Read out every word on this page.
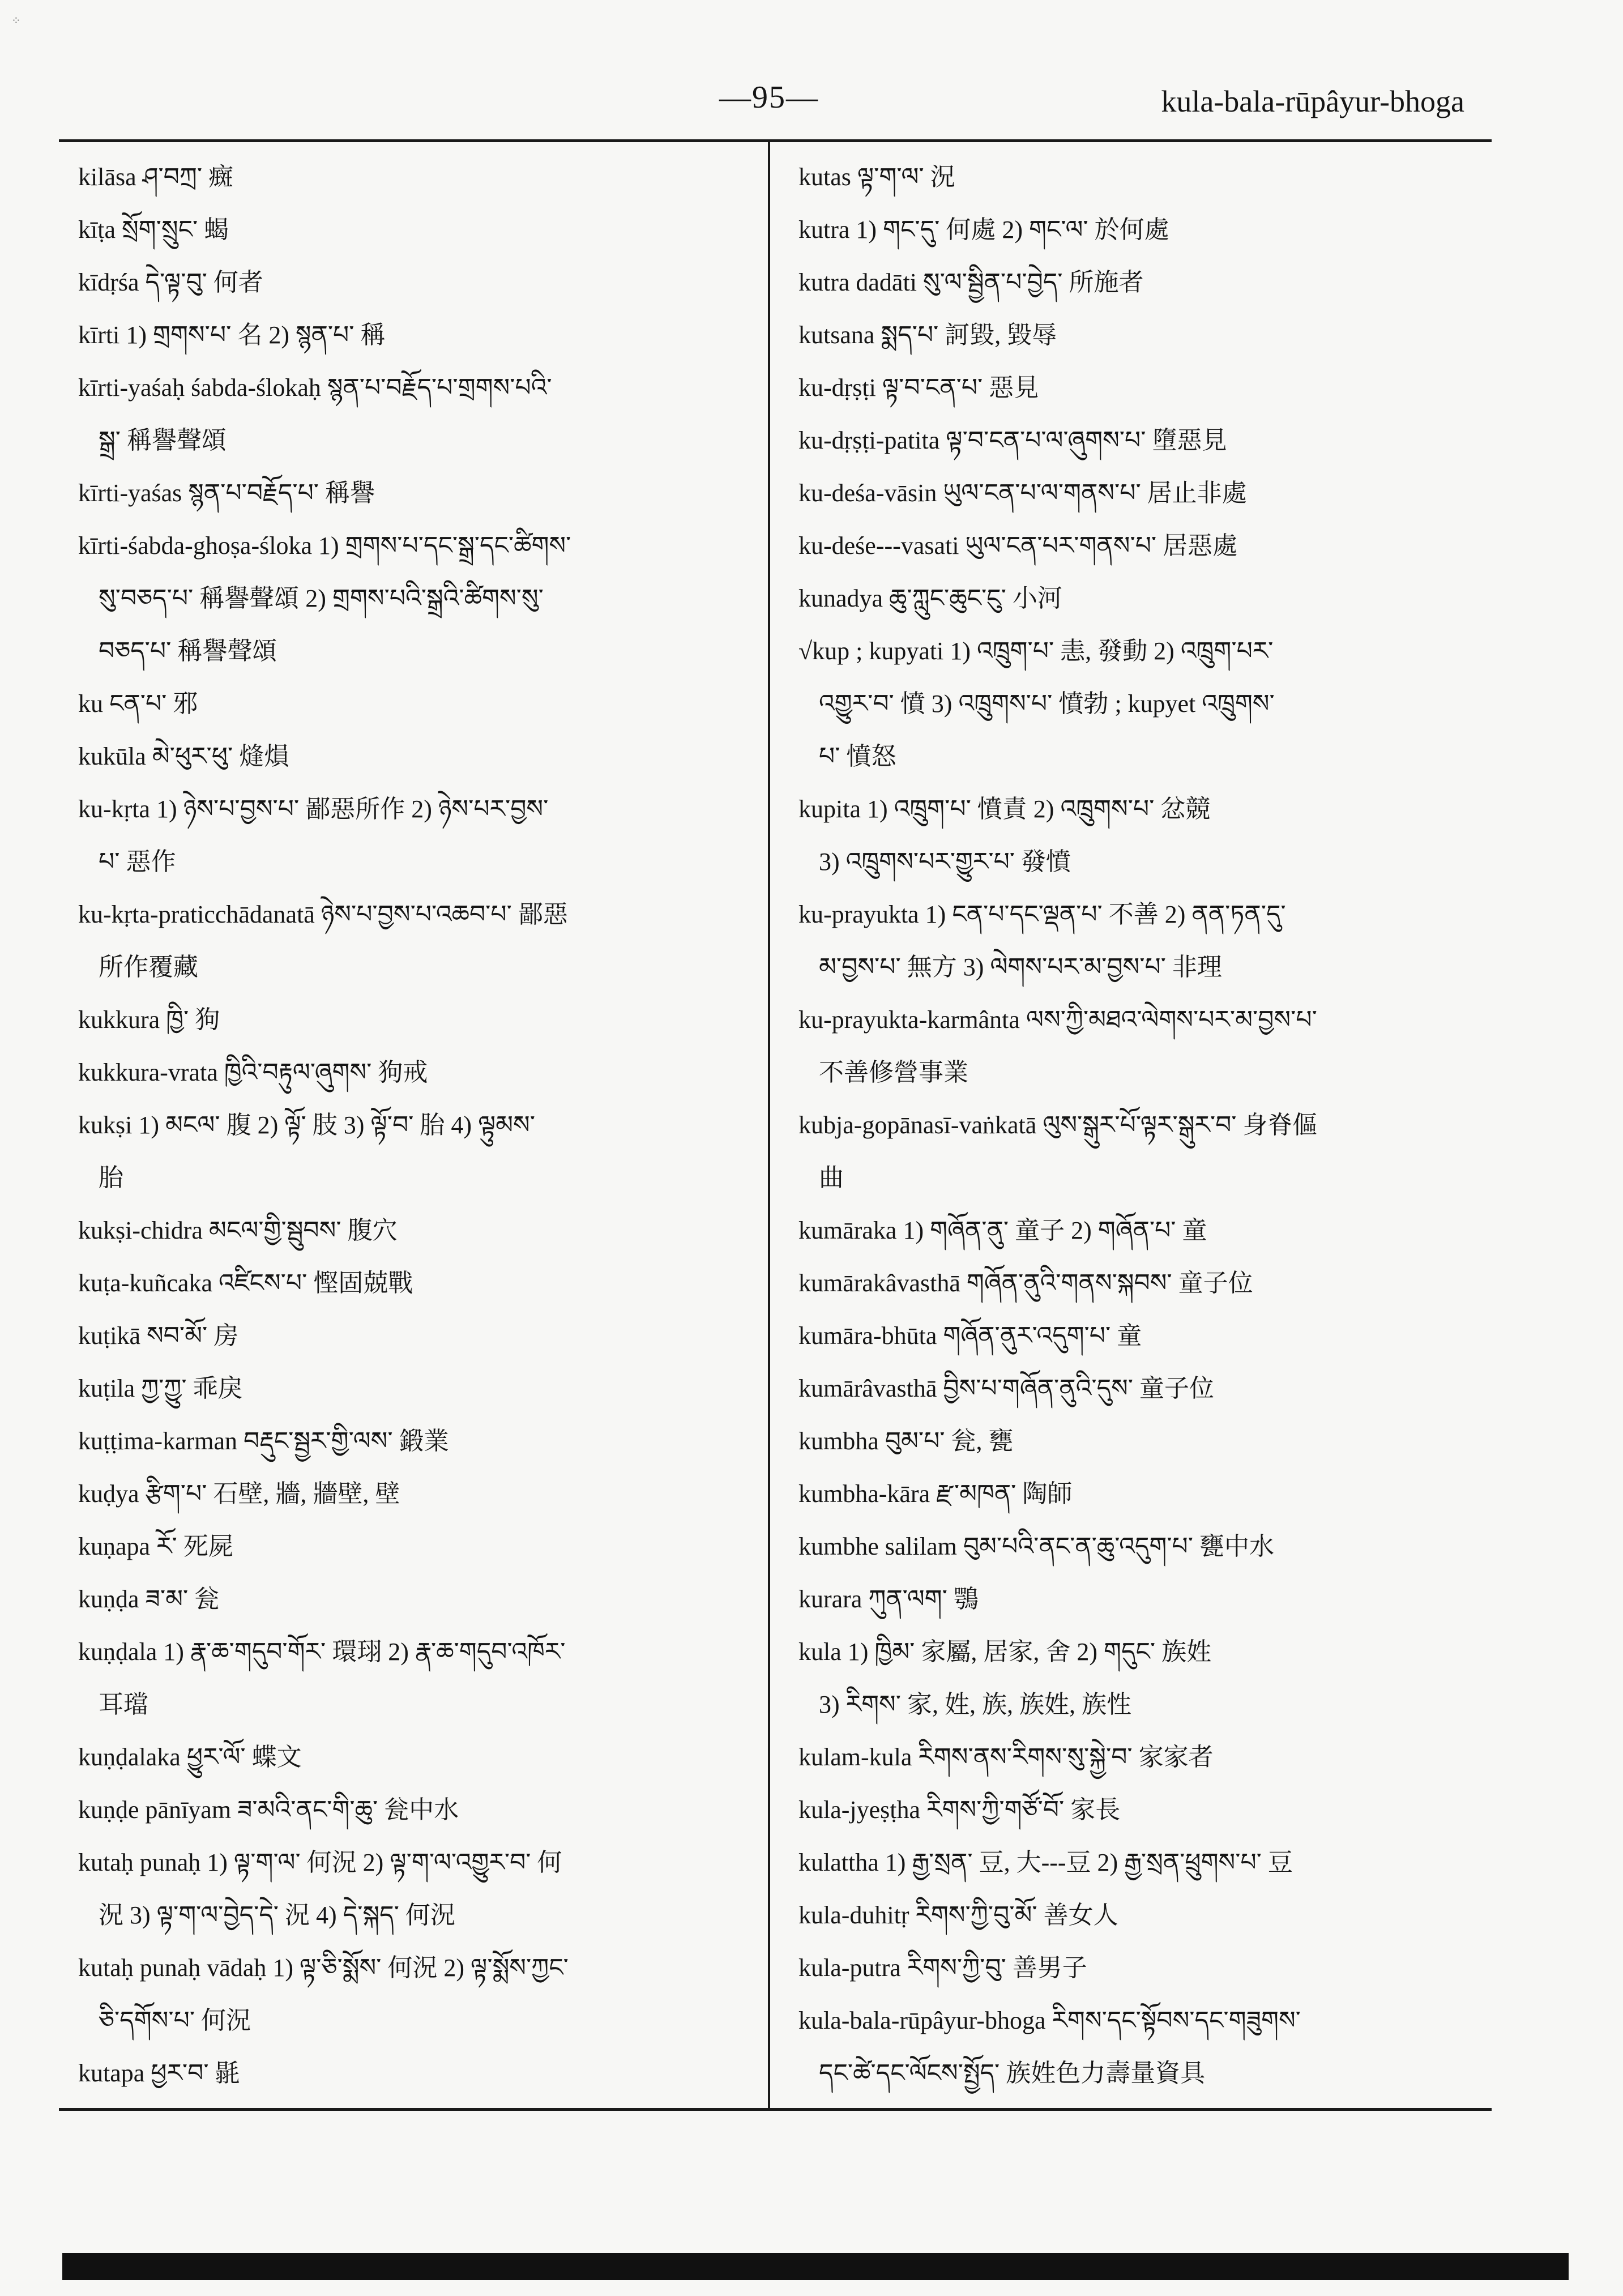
⁘
—95—	kula-bala-rūpâyur-bhoga
kilāsa ཤ་བཀྲ་ 癍
kīṭa སྲོག་སྲུང་ 蝎
kīdṛśa དེ་ལྟ་བུ་ 何者
kīrti 1) གྲགས་པ་ 名 2) སྙན་པ་ 稱
kīrti-yaśaḥ śabda-ślokaḥ སྙན་པ་བརྗོད་པ་གྲགས་པའི་
སྒྲ་ 稱譽聲頌
kīrti-yaśas སྙན་པ་བརྗོད་པ་ 稱譽
kīrti-śabda-ghoṣa-śloka 1) གྲགས་པ་དང་སྒྲ་དང་ཚིགས་
སུ་བཅད་པ་ 稱譽聲頌 2) གྲགས་པའི་སྒྲའི་ཚིགས་སུ་
བཅད་པ་ 稱譽聲頌
ku ངན་པ་ 邪
kukūla མེ་ཕུར་ཕུ་ 熢熉
ku-kṛta 1) ཉེས་པ་བྱས་པ་ 鄙惡所作 2) ཉེས་པར་བྱས་
པ་ 惡作
ku-kṛta-praticchādanatā ཉེས་པ་བྱས་པ་འཆབ་པ་ 鄙惡
所作覆藏
kukkura ཁྱི་ 狗
kukkura-vrata ཁྱིའི་བརྟུལ་ཞུགས་ 狗戒
kukṣi 1) མངལ་ 腹 2) ལྟོ་ 肢 3) ལྟོ་བ་ 胎 4) ལྟུམས་
胎
kukṣi-chidra མངལ་གྱི་སྦུབས་ 腹穴
kuṭa-kuñcaka འཛིངས་པ་ 慳固兢戰
kuṭikā སབ་མོ་ 房
kuṭila ཀྱ་ཀྱུ་ 乖戾
kuṭṭima-karman བརྡུང་སྦྱར་གྱི་ལས་ 鍛業
kuḍya རྩིག་པ་ 石壁, 牆, 牆壁, 壁
kuṇapa རོ་ 死屍
kuṇḍa ཟ་མ་ 瓮
kuṇḍala 1) རྣ་ཆ་གདུབ་གོར་ 環珝 2) རྣ་ཆ་གདུབ་འཁོར་
耳璫
kuṇḍalaka ཕྱུར་ལོ་ 蝶文
kuṇḍe pānīyam ཟ་མའི་ནང་གི་ཆུ་ 瓮中水
kutaḥ punaḥ 1) ལྟ་ག་ལ་ 何況 2) ལྟ་ག་ལ་འགྱུར་བ་ 何
況 3) ལྟ་ག་ལ་བྱེད་དེ་ 況 4) དེ་སྐད་ 何況
kutaḥ punaḥ vādaḥ 1) ལྟ་ཅི་སྨོས་ 何況 2) ལྟ་སྨོས་ཀྱང་
ཅི་དགོས་པ་ 何況
kutapa ཕྱར་བ་ 毾
kutas ལྟ་ག་ལ་ 況
kutra 1) གང་དུ་ 何處 2) གང་ལ་ 於何處
kutra dadāti སུ་ལ་སྦྱིན་པ་བྱེད་ 所施者
kutsana སྨད་པ་ 訶毀, 毀辱
ku-dṛṣṭi ལྟ་བ་ངན་པ་ 惡見
ku-dṛṣṭi-patita ལྟ་བ་ངན་པ་ལ་ཞུགས་པ་ 墮惡見
ku-deśa-vāsin ཡུལ་ངན་པ་ལ་གནས་པ་ 居止非處
ku-deśe---vasati ཡུལ་ངན་པར་གནས་པ་ 居惡處
kunadya ཆུ་ཀླུང་ཆུང་ངུ་ 小河
√kup ; kupyati 1) འཁྲུག་པ་ 恚, 發動 2) འཁྲུག་པར་
འགྱུར་བ་ 憤 3) འཁྲུགས་པ་ 憤勃 ; kupyet འཁྲུགས་
པ་ 憤怒
kupita 1) འཁྲུག་པ་ 憤責 2) འཁྲུགས་པ་ 忿競
3) འཁྲུགས་པར་གྱུར་པ་ 發憤
ku-prayukta 1) ངན་པ་དང་ལྡན་པ་ 不善 2) ནན་ཏན་དུ་
མ་བྱས་པ་ 無方 3) ལེགས་པར་མ་བྱས་པ་ 非理
ku-prayukta-karmânta ལས་ཀྱི་མཐའ་ལེགས་པར་མ་བྱས་པ་
不善修營事業
kubja-gopānasī-vaṅkatā ལུས་སྒུར་པོ་ལྟར་སྒུར་བ་ 身脊傴
曲
kumāraka 1) གཞོན་ནུ་ 童子 2) གཞོན་པ་ 童
kumārakâvasthā གཞོན་ནུའི་གནས་སྐབས་ 童子位
kumāra-bhūta གཞོན་ནུར་འདུག་པ་ 童
kumārâvasthā བྱིས་པ་གཞོན་ནུའི་དུས་ 童子位
kumbha བུམ་པ་ 瓮, 甕
kumbha-kāra རྫ་མཁན་ 陶師
kumbhe salilam བུམ་པའི་ནང་ན་ཆུ་འདུག་པ་ 甕中水
kurara ཀུན་ལག་ 鶚
kula 1) ཁྱིམ་ 家屬, 居家, 舍 2) གདུང་ 族姓
3) རིགས་ 家, 姓, 族, 族姓, 族性
kulam-kula རིགས་ནས་རིགས་སུ་སྐྱེ་བ་ 家家者
kula-jyeṣṭha རིགས་ཀྱི་གཙོ་བོ་ 家長
kulattha 1) རྒྱ་སྲན་ 豆, 大---豆 2) རྒྱ་སྲན་ཕྲུགས་པ་ 豆
kula-duhitṛ རིགས་ཀྱི་བུ་མོ་ 善女人
kula-putra རིགས་ཀྱི་བུ་ 善男子
kula-bala-rūpâyur-bhoga རིགས་དང་སྟོབས་དང་གཟུགས་
དང་ཚེ་དང་ལོངས་སྤྱོད་ 族姓色力壽量資具
